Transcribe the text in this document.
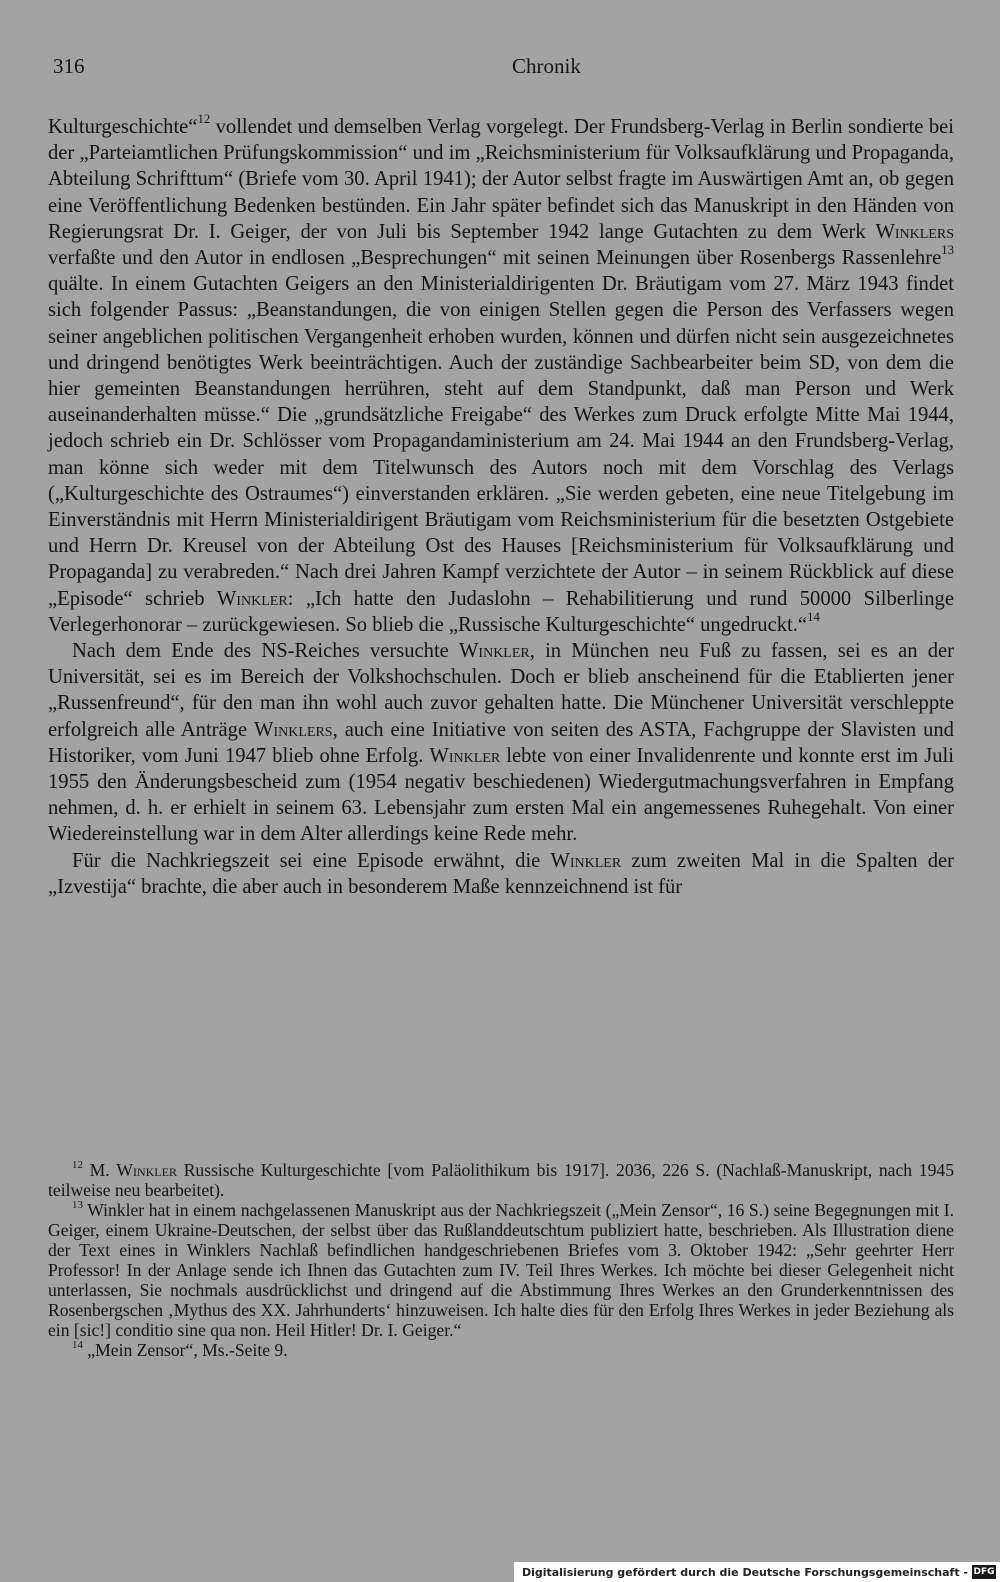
316	Chronik

Kulturgeschichte“$^{12}$ vollendet und demselben Verlag vorgelegt. Der Frundsberg-Verlag in Berlin sondierte bei der „Parteiamtlichen Prüfungskommission“ und im „Reichsministerium für Volksaufklärung und Propaganda, Abteilung Schrifttum“ (Briefe vom 30. April 1941); der Autor selbst fragte im Auswärtigen Amt an, ob gegen eine Veröffentlichung Bedenken bestünden. Ein Jahr später befindet sich das Manuskript in den Händen von Regierungsrat Dr. I. Geiger, der von Juli bis September 1942 lange Gutachten zu dem Werk Winklers verfaßte und den Autor in endlosen „Besprechungen“ mit seinen Meinungen über Rosenbergs Rassenlehre$^{13}$ quälte. In einem Gutachten Geigers an den Ministerialdirigenten Dr. Bräutigam vom 27. März 1943 findet sich folgender Passus: „Beanstandungen, die von einigen Stellen gegen die Person des Verfassers wegen seiner angeblichen politischen Vergangenheit erhoben wurden, können und dürfen nicht sein ausgezeichnetes und dringend benötigtes Werk beeinträchtigen. Auch der zuständige Sachbearbeiter beim SD, von dem die hier gemeinten Beanstandungen herrühren, steht auf dem Standpunkt, daß man Person und Werk auseinanderhalten müsse.“ Die „grundsätzliche Freigabe“ des Werkes zum Druck erfolgte Mitte Mai 1944, jedoch schrieb ein Dr. Schlösser vom Propagandaministerium am 24. Mai 1944 an den Frundsberg-Verlag, man könne sich weder mit dem Titelwunsch des Autors noch mit dem Vorschlag des Verlags („Kulturgeschichte des Ostraumes“) einverstanden erklären. „Sie werden gebeten, eine neue Titelgebung im Einverständnis mit Herrn Ministerialdirigent Bräutigam vom Reichsministerium für die besetzten Ostgebiete und Herrn Dr. Kreusel von der Abteilung Ost des Hauses [Reichsministerium für Volksaufklärung und Propaganda] zu verabreden.“ Nach drei Jahren Kampf verzichtete der Autor – in seinem Rückblick auf diese „Episode“ schrieb Winkler: „Ich hatte den Judaslohn – Rehabilitierung und rund 50000 Silberlinge Verlegerhonorar – zurückgewiesen. So blieb die „Russische Kulturgeschichte“ ungedruckt.“$^{14}$

Nach dem Ende des NS-Reiches versuchte Winkler, in München neu Fuß zu fassen, sei es an der Universität, sei es im Bereich der Volkshochschulen. Doch er blieb anscheinend für die Etablierten jener „Russenfreund“, für den man ihn wohl auch zuvor gehalten hatte. Die Münchener Universität verschleppte erfolgreich alle Anträge Winklers, auch eine Initiative von seiten des ASTA, Fachgruppe der Slavisten und Historiker, vom Juni 1947 blieb ohne Erfolg. Winkler lebte von einer Invalidenrente und konnte erst im Juli 1955 den Änderungsbescheid zum (1954 negativ beschiedenen) Wiedergutmachungsverfahren in Empfang nehmen, d. h. er erhielt in seinem 63. Lebensjahr zum ersten Mal ein angemessenes Ruhegehalt. Von einer Wiedereinstellung war in dem Alter allerdings keine Rede mehr.

Für die Nachkriegszeit sei eine Episode erwähnt, die Winkler zum zweiten Mal in die Spalten der „Izvestija“ brachte, die aber auch in besonderem Maße kennzeichnend ist für

$^{12}$ M. Winkler Russische Kulturgeschichte [vom Paläolithikum bis 1917]. 2036, 226 S. (Nachlaß-Manuskript, nach 1945 teilweise neu bearbeitet).

$^{13}$ Winkler hat in einem nachgelassenen Manuskript aus der Nachkriegszeit („Mein Zensor“, 16 S.) seine Begegnungen mit I. Geiger, einem Ukraine-Deutschen, der selbst über das Rußlanddeutschtum publiziert hatte, beschrieben. Als Illustration diene der Text eines in Winklers Nachlaß befindlichen handgeschriebenen Briefes vom 3. Oktober 1942: „Sehr geehrter Herr Professor! In der Anlage sende ich Ihnen das Gutachten zum IV. Teil Ihres Werkes. Ich möchte bei dieser Gelegenheit nicht unterlassen, Sie nochmals ausdrücklichst und dringend auf die Abstimmung Ihres Werkes an den Grunderkenntnissen des Rosenbergschen ‚Mythus des XX. Jahrhunderts‘ hinzuweisen. Ich halte dies für den Erfolg Ihres Werkes in jeder Beziehung als ein [sic!] conditio sine qua non. Heil Hitler! Dr. I. Geiger.“

$^{14}$ „Mein Zensor“, Ms.-Seite 9.

Digitalisierung gefördert durch die Deutsche Forschungsgemeinschaft - DFG
